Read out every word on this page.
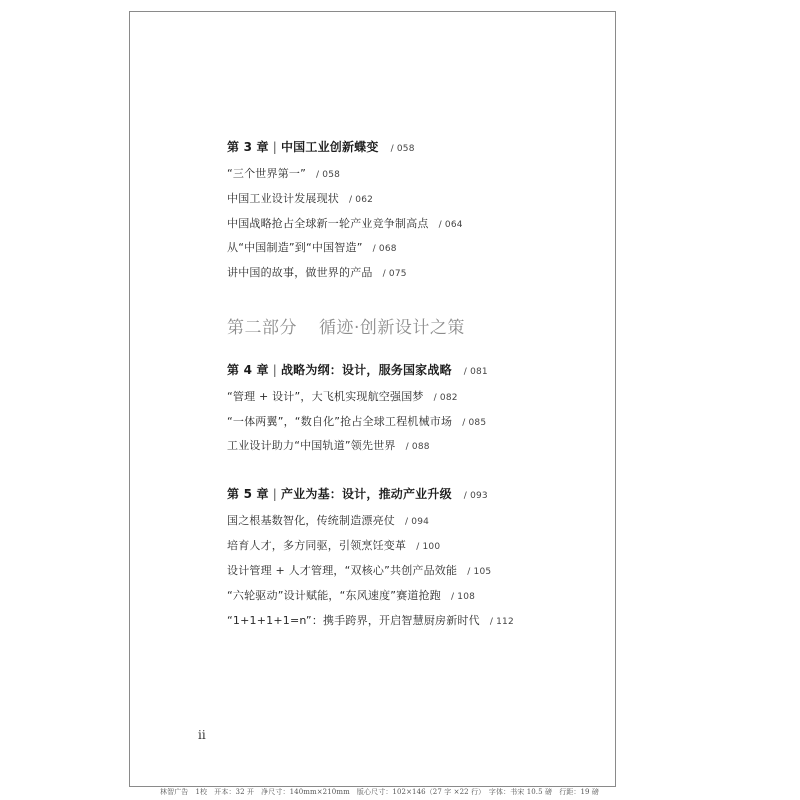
第 3 章 | 中国工业创新蝶变 / 058
“三个世界第一” / 058
中国工业设计发展现状 / 062
中国战略抢占全球新一轮产业竞争制高点 / 064
从“中国制造”到“中国智造” / 068
讲中国的故事，做世界的产品 / 075
第二部分 循迹·创新设计之策
第 4 章 | 战略为纲：设计，服务国家战略 / 081
“管理 + 设计”，大飞机实现航空强国梦 / 082
“一体两翼”，“数自化”抢占全球工程机械市场 / 085
工业设计助力“中国轨道”领先世界 / 088
第 5 章 | 产业为基：设计，推动产业升级 / 093
国之根基数智化，传统制造漂亮仗 / 094
培育人才，多方同驱，引领烹饪变革 / 100
设计管理 + 人才管理，“双核心”共创产品效能 / 105
“六轮驱动”设计赋能，“东风速度”赛道抢跑 / 108
“1+1+1+1=n”：携手跨界，开启智慧厨房新时代 / 112
ii
林智广告　1校　开本：32 开　净尺寸：140mm×210mm　版心尺寸：102×146（27 字 ×22 行）　字体：书宋 10.5 磅　行距：19 磅
